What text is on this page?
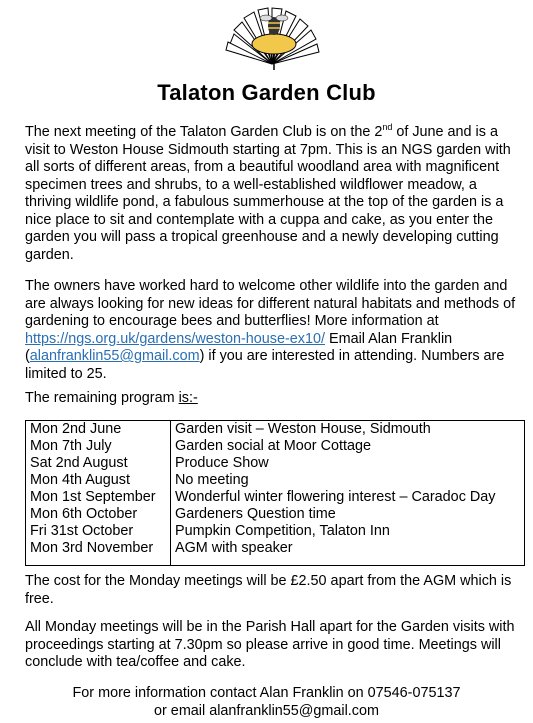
Talaton Garden Club
The next meeting of the Talaton Garden Club is on the 2nd of June and is a visit to Weston House Sidmouth starting at 7pm. This is an NGS garden with all sorts of different areas, from a beautiful woodland area with magnificent specimen trees and shrubs, to a well-established wildflower meadow, a thriving wildlife pond, a fabulous summerhouse at the top of the garden is a nice place to sit and contemplate with a cuppa and cake, as you enter the garden you will pass a tropical greenhouse and a newly developing cutting garden.
The owners have worked hard to welcome other wildlife into the garden and are always looking for new ideas for different natural habitats and methods of gardening to encourage bees and butterflies! More information at https://ngs.org.uk/gardens/weston-house-ex10/ Email Alan Franklin (alanfranklin55@gmail.com) if you are interested in attending. Numbers are limited to 25.
The remaining program is:-
Mon 2nd June	Garden visit – Weston House, Sidmouth
Mon 7th July	Garden social at Moor Cottage
Sat 2nd August	Produce Show
Mon 4th August	No meeting
Mon 1st September	Wonderful winter flowering interest – Caradoc Day
Mon 6th October	Gardeners Question time
Fri 31st October	Pumpkin Competition, Talaton Inn
Mon 3rd November	AGM with speaker
The cost for the Monday meetings will be £2.50 apart from the AGM which is free.
All Monday meetings will be in the Parish Hall apart for the Garden visits with proceedings starting at 7.30pm so please arrive in good time. Meetings will conclude with tea/coffee and cake.
For more information contact Alan Franklin on 07546-075137
or email alanfranklin55@gmail.com
